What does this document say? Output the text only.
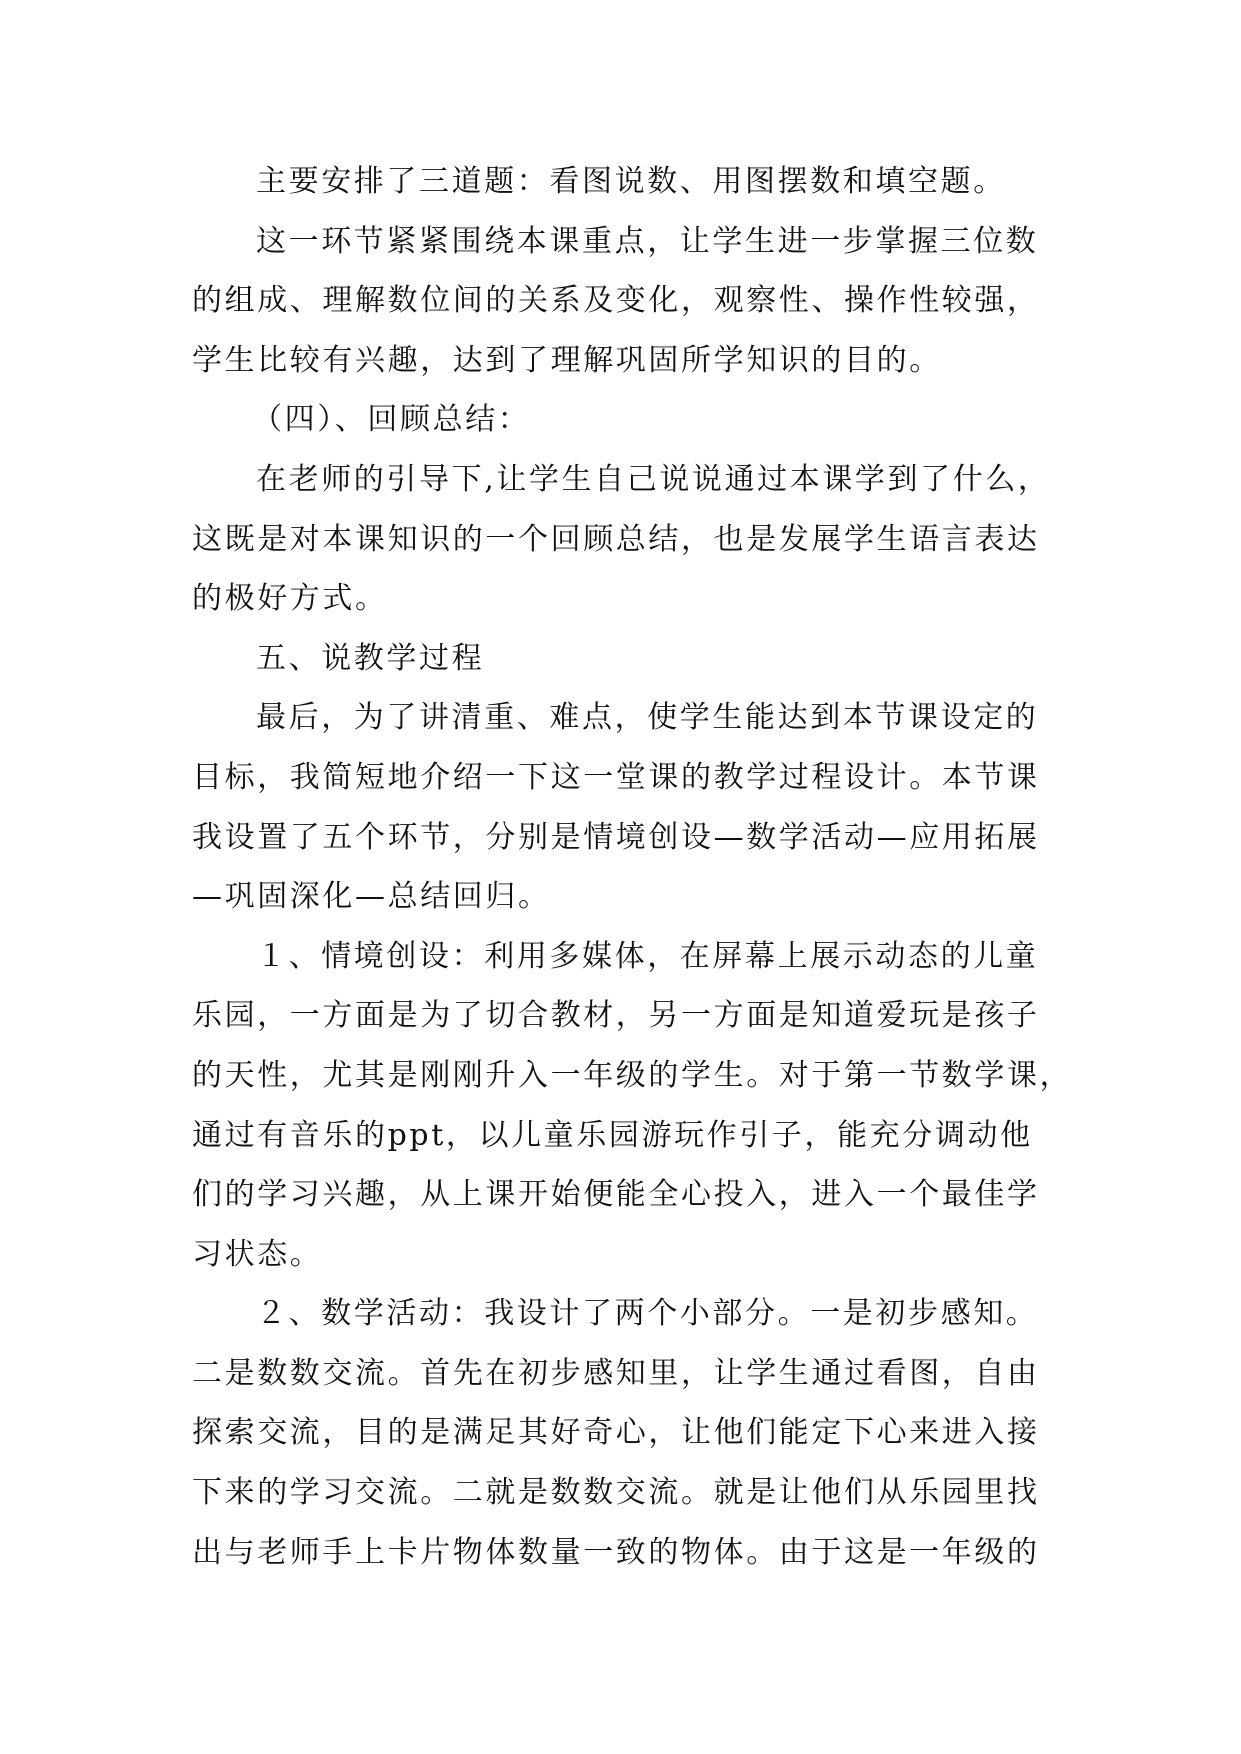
主要安排了三道题：看图说数、用图摆数和填空题。
这一环节紧紧围绕本课重点，让学生进一步掌握三位数
的组成、理解数位间的关系及变化，观察性、操作性较强，
学生比较有兴趣，达到了理解巩固所学知识的目的。
（四）、回顾总结：
在老师的引导下,让学生自己说说通过本课学到了什么，
这既是对本课知识的一个回顾总结，也是发展学生语言表达
的极好方式。
五、说教学过程
最后，为了讲清重、难点，使学生能达到本节课设定的
目标，我简短地介绍一下这一堂课的教学过程设计。本节课
我设置了五个环节，分别是情境创设—数学活动—应用拓展
—巩固深化—总结回归。
１、情境创设：利用多媒体，在屏幕上展示动态的儿童
乐园，一方面是为了切合教材，另一方面是知道爱玩是孩子
的天性，尤其是刚刚升入一年级的学生。对于第一节数学课，
通过有音乐的ppt，以儿童乐园游玩作引子，能充分调动他
们的学习兴趣，从上课开始便能全心投入，进入一个最佳学
习状态。
２、数学活动：我设计了两个小部分。一是初步感知。
二是数数交流。首先在初步感知里，让学生通过看图，自由
探索交流，目的是满足其好奇心，让他们能定下心来进入接
下来的学习交流。二就是数数交流。就是让他们从乐园里找
出与老师手上卡片物体数量一致的物体。由于这是一年级的
